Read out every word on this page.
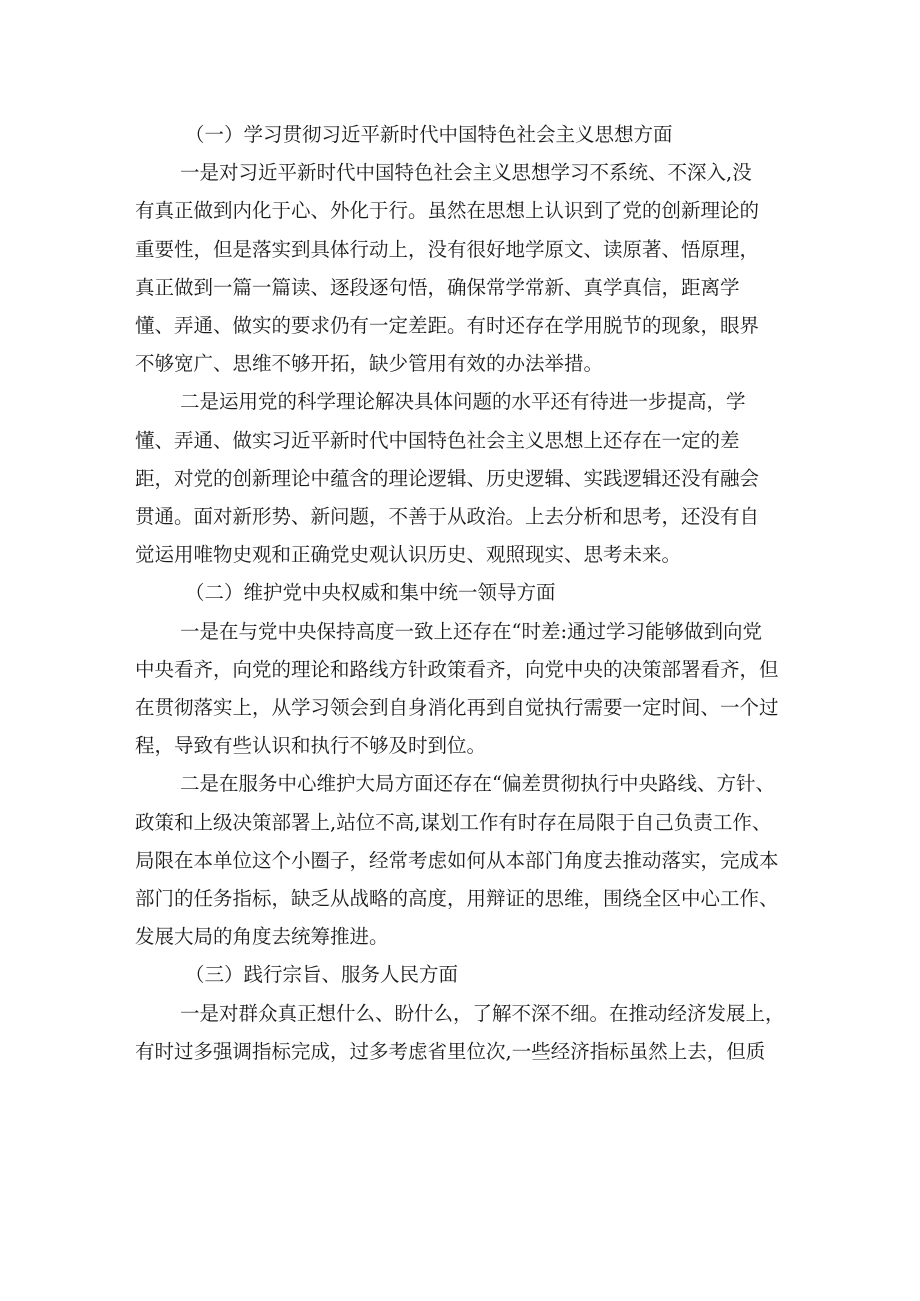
（一）学习贯彻习近平新时代中国特色社会主义思想方面
一是对习近平新时代中国特色社会主义思想学习不系统、不深入,没
有真正做到内化于心、外化于行。虽然在思想上认识到了党的创新理论的
重要性，但是落实到具体行动上，没有很好地学原文、读原著、悟原理，
真正做到一篇一篇读、逐段逐句悟，确保常学常新、真学真信，距离学
懂、弄通、做实的要求仍有一定差距。有时还存在学用脱节的现象，眼界
不够宽广、思维不够开拓，缺少管用有效的办法举措。
二是运用党的科学理论解决具体问题的水平还有待进一步提高，学
懂、弄通、做实习近平新时代中国特色社会主义思想上还存在一定的差
距，对党的创新理论中蕴含的理论逻辑、历史逻辑、实践逻辑还没有融会
贯通。面对新形势、新问题，不善于从政治。上去分析和思考，还没有自
觉运用唯物史观和正确党史观认识历史、观照现实、思考未来。
（二）维护党中央权威和集中统一领导方面
一是在与党中央保持高度一致上还存在“时差:通过学习能够做到向党
中央看齐，向党的理论和路线方针政策看齐，向党中央的决策部署看齐，但
在贯彻落实上，从学习领会到自身消化再到自觉执行需要一定时间、一个过
程，导致有些认识和执行不够及时到位。
二是在服务中心维护大局方面还存在“偏差贯彻执行中央路线、方针、
政策和上级决策部署上,站位不高,谋划工作有时存在局限于自己负责工作、
局限在本单位这个小圈子，经常考虑如何从本部门角度去推动落实，完成本
部门的任务指标，缺乏从战略的高度，用辩证的思维，围绕全区中心工作、
发展大局的角度去统筹推进。
（三）践行宗旨、服务人民方面
一是对群众真正想什么、盼什么，了解不深不细。在推动经济发展上，
有时过多强调指标完成，过多考虑省里位次,一些经济指标虽然上去，但质
